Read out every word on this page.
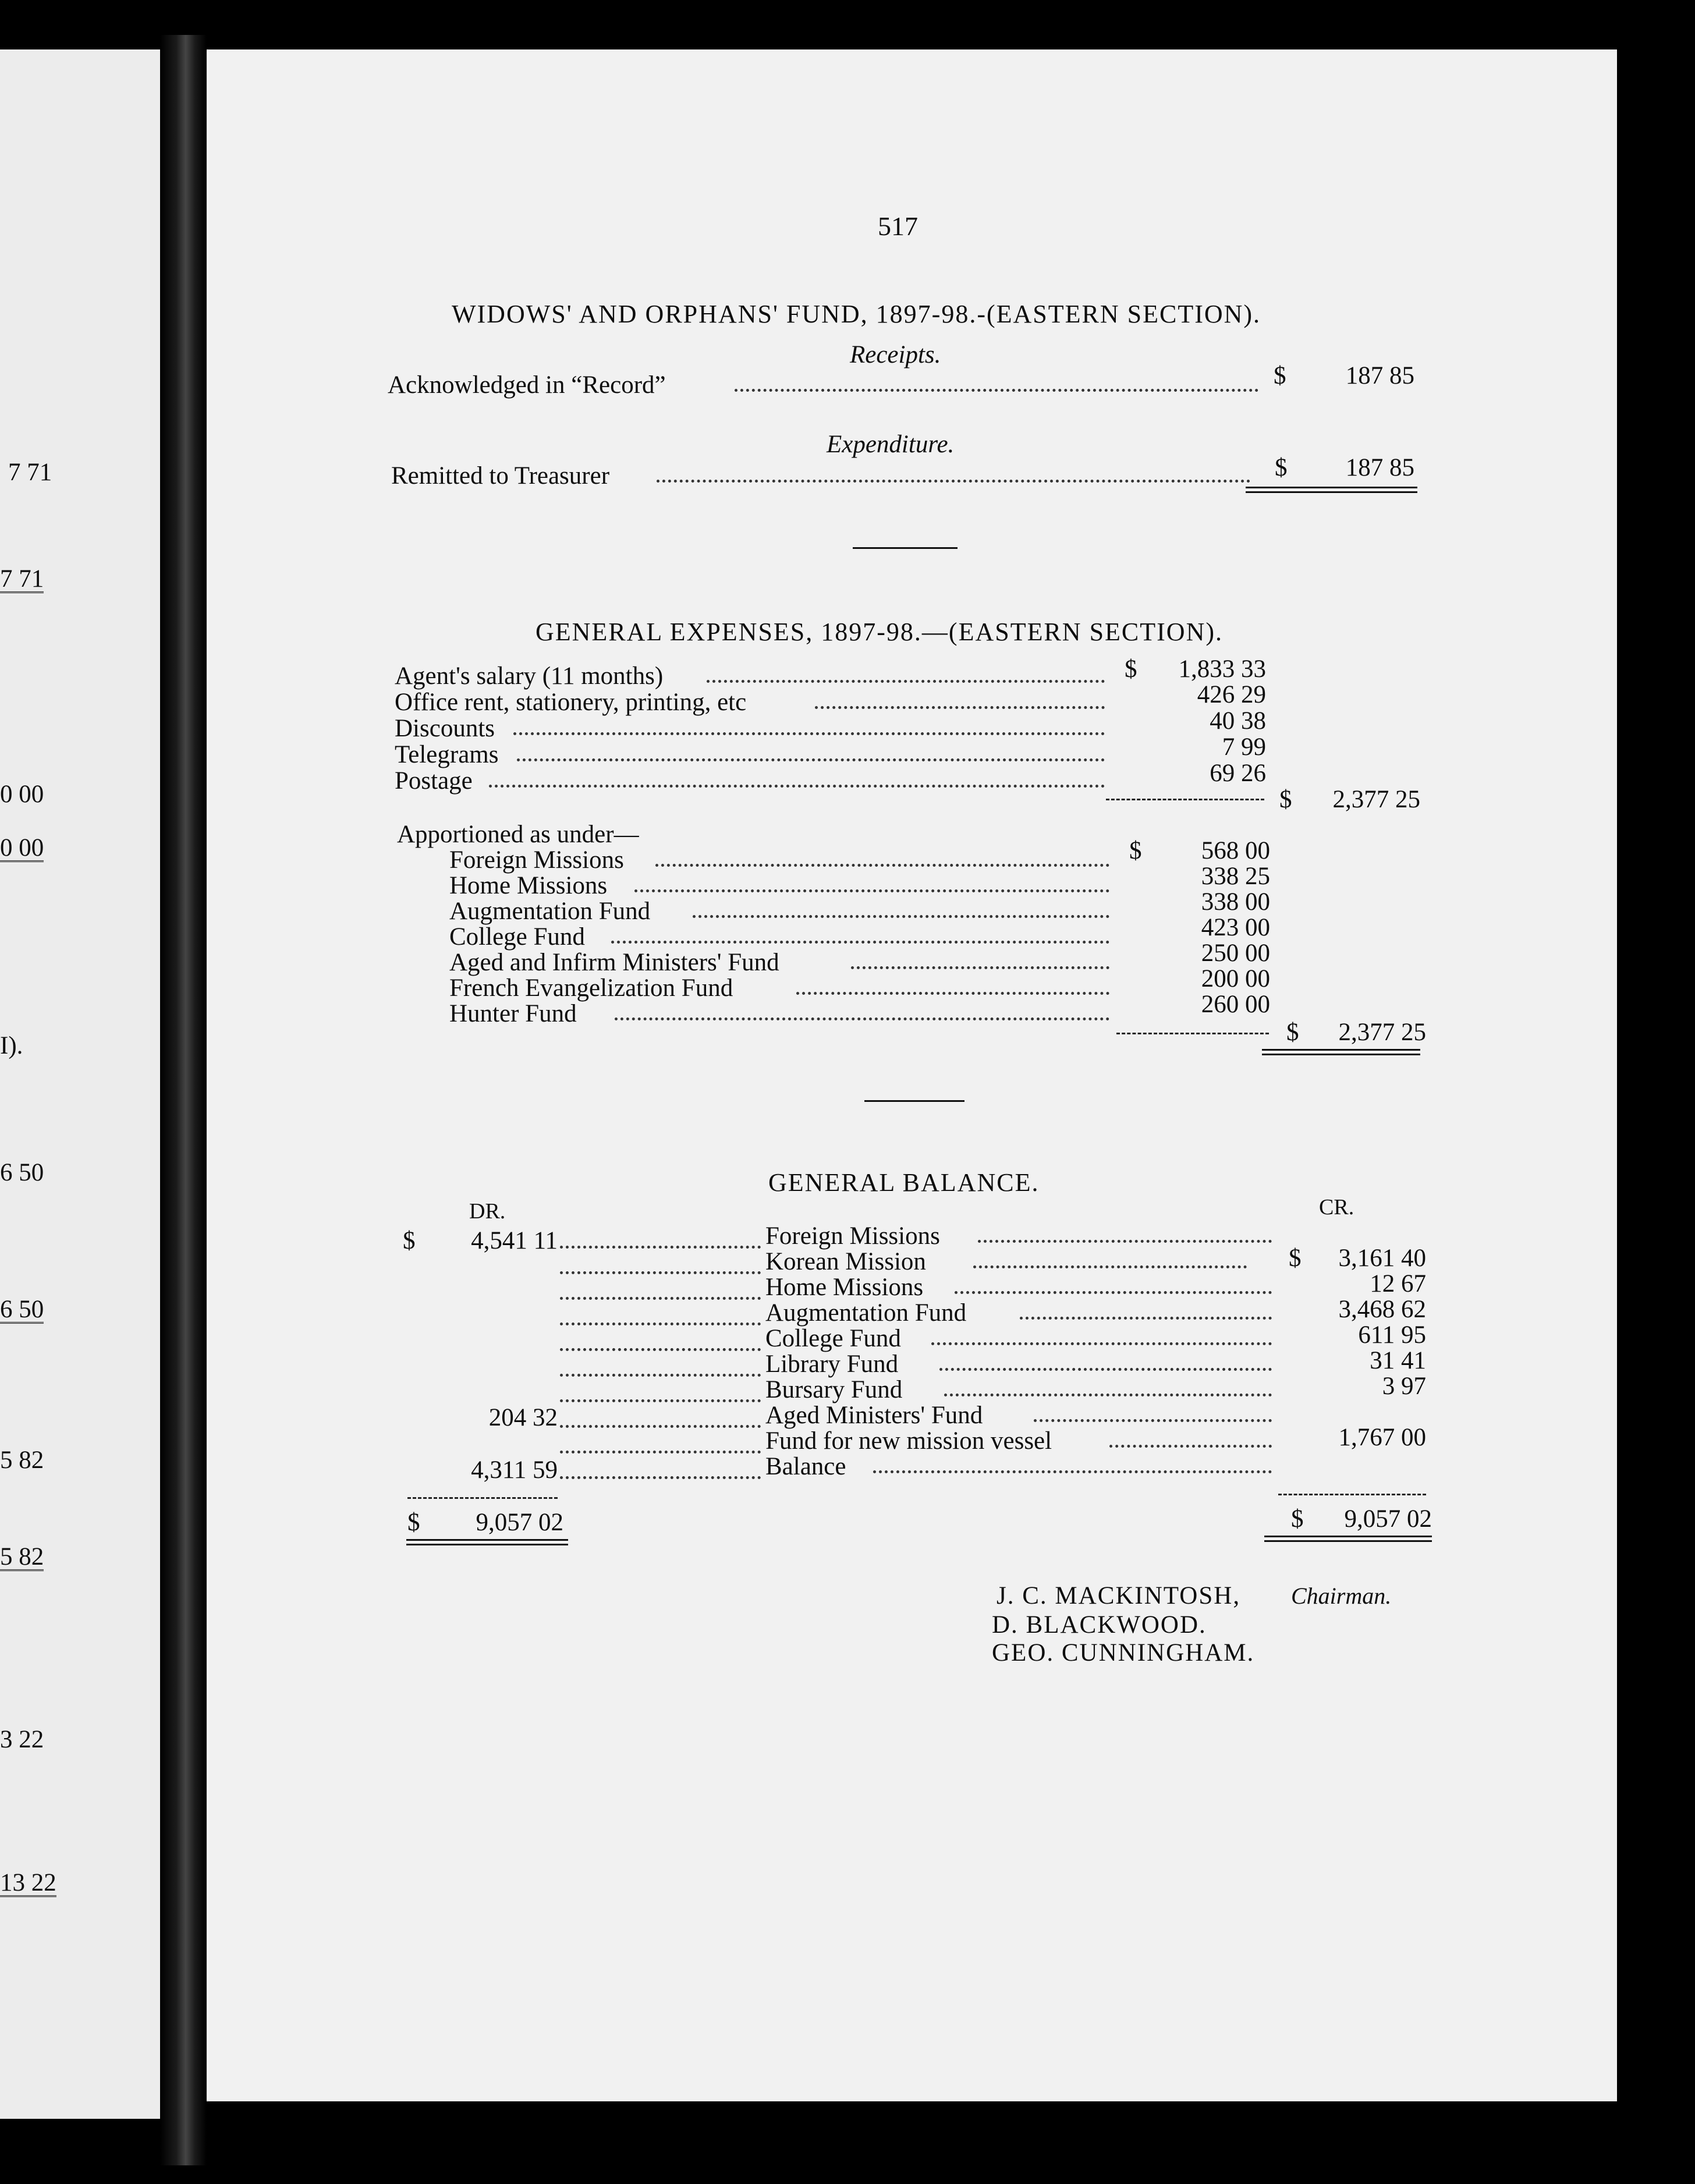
7 71
7 71
0 00
0 00
I).
6 50
6 50
5 82
5 82
3 22
13 22
517
WIDOWS' AND ORPHANS' FUND, 1897-98.-(EASTERN SECTION).
Receipts.
Acknowledged in “Record”	$	187 85
Expenditure.
Remitted to Treasurer	$	187 85
GENERAL EXPENSES, 1897-98.—(EASTERN SECTION).
Agent's salary (11 months)	$	1,833 33
Office rent, stationery, printing, etc	426 29
Discounts	40 38
Telegrams	7 99
Postage	69 26
$	2,377 25
Apportioned as under—
Foreign Missions	$	568 00
Home Missions	338 25
Augmentation Fund	338 00
College Fund	423 00
Aged and Infirm Ministers' Fund	250 00
French Evangelization Fund	200 00
Hunter Fund	260 00
$	2,377 25
GENERAL BALANCE.
DR.	CR.
$	4,541 11	Foreign Missions
Korean Mission	$	3,161 40
Home Missions	12 67
Augmentation Fund	3,468 62
College Fund	611 95
Library Fund	31 41
Bursary Fund	3 97
204 32	Aged Ministers' Fund
Fund for new mission vessel	1,767 00
4,311 59	Balance
$	9,057 02	$	9,057 02
J. C. MACKINTOSH, Chairman.
D. BLACKWOOD.
GEO. CUNNINGHAM.
